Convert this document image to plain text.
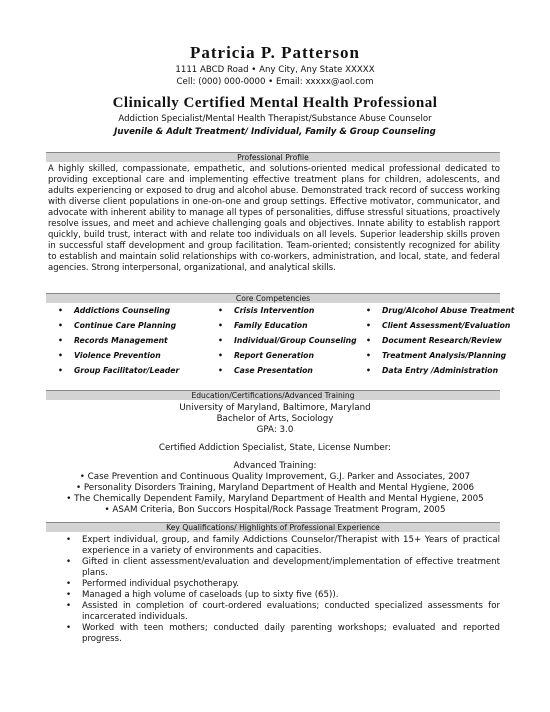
Patricia P. Patterson
1111 ABCD Road • Any City, Any State XXXXX
Cell: (000) 000-0000 • Email: xxxxx@aol.com
Clinically Certified Mental Health Professional
Addiction Specialist/Mental Health Therapist/Substance Abuse Counselor
Juvenile & Adult Treatment/ Individual, Family & Group Counseling
Professional Profile
A highly skilled, compassionate, empathetic, and solutions-oriented medical professional dedicated to providing exceptional care and implementing effective treatment plans for children, adolescents, and adults experiencing or exposed to drug and alcohol abuse. Demonstrated track record of success working with diverse client populations in one-on-one and group settings. Effective motivator, communicator, and advocate with inherent ability to manage all types of personalities, diffuse stressful situations, proactively resolve issues, and meet and achieve challenging goals and objectives. Innate ability to establish rapport quickly, build trust, interact with and relate too individuals on all levels. Superior leadership skills proven in successful staff development and group facilitation. Team-oriented; consistently recognized for ability to establish and maintain solid relationships with co-workers, administration, and local, state, and federal agencies. Strong interpersonal, organizational, and analytical skills.
Core Competencies
• Addictions Counseling	• Crisis Intervention	• Drug/Alcohol Abuse Treatment
• Continue Care Planning	• Family Education	• Client Assessment/Evaluation
• Records Management	• Individual/Group Counseling • Document Research/Review
• Violence Prevention	• Report Generation	• Treatment Analysis/Planning
• Group Facilitator/Leader	• Case Presentation	• Data Entry /Administration
Education/Certifications/Advanced Training
University of Maryland, Baltimore, Maryland
Bachelor of Arts, Sociology
GPA: 3.0
Certified Addiction Specialist, State, License Number:
Advanced Training:
• Case Prevention and Continuous Quality Improvement, G.J. Parker and Associates, 2007
• Personality Disorders Training, Maryland Department of Health and Mental Hygiene, 2006
• The Chemically Dependent Family, Maryland Department of Health and Mental Hygiene, 2005
• ASAM Criteria, Bon Succors Hospital/Rock Passage Treatment Program, 2005
Key Qualifications/ Highlights of Professional Experience
• Expert individual, group, and family Addictions Counselor/Therapist with 15+ Years of practical experience in a variety of environments and capacities.
• Gifted in client assessment/evaluation and development/implementation of effective treatment plans.
• Performed individual psychotherapy.
• Managed a high volume of caseloads (up to sixty five (65)).
• Assisted in completion of court-ordered evaluations; conducted specialized assessments for incarcerated individuals.
• Worked with teen mothers; conducted daily parenting workshops; evaluated and reported progress.
